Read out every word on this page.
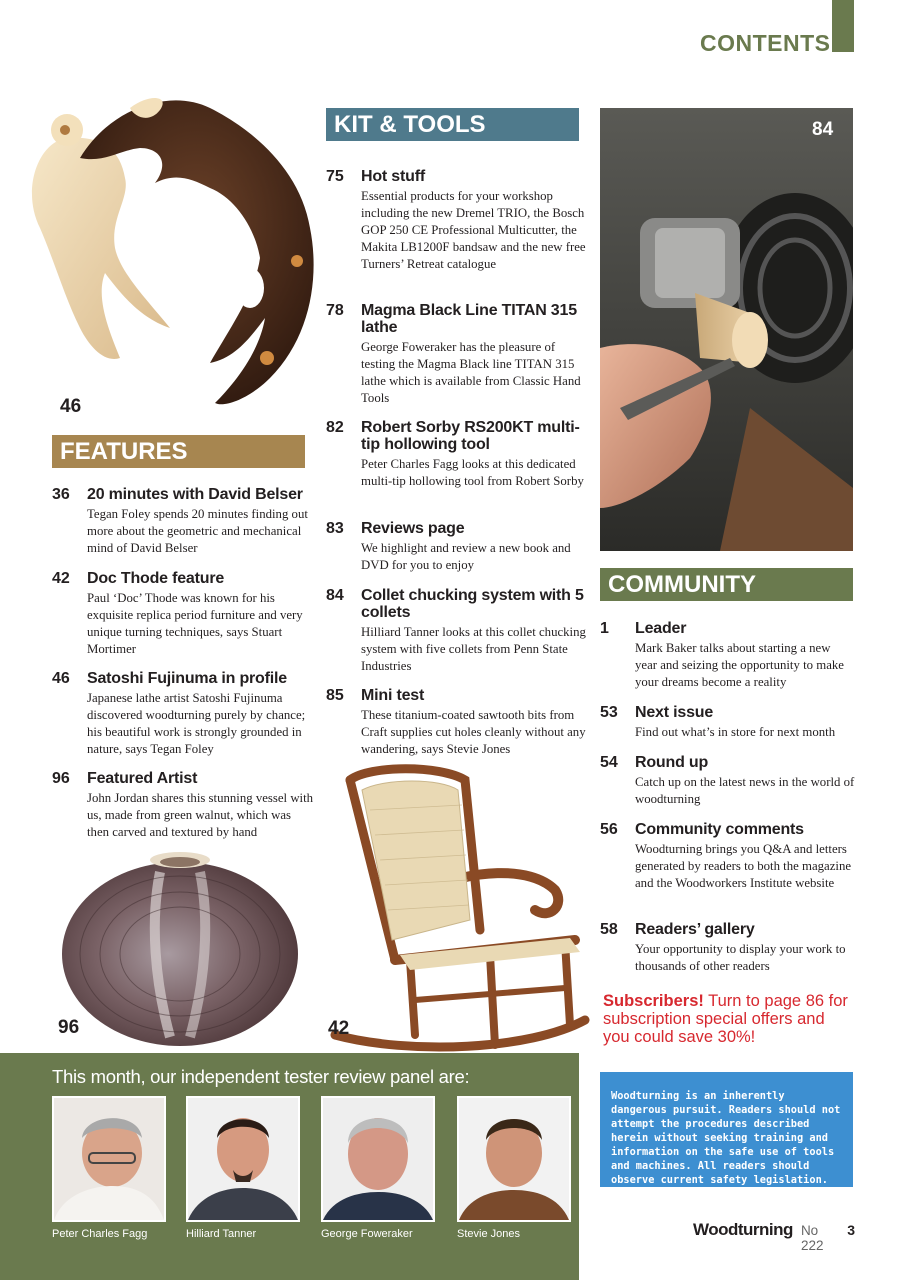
CONTENTS
46
84
96	42
KIT & TOOLS
75 Hot stuff
Essential products for your workshop including the new Dremel TRIO, the Bosch GOP 250 CE Professional Multicutter, the Makita LB1200F bandsaw and the new free Turners’ Retreat catalogue
78 Magma Black Line TITAN 315 lathe
George Foweraker has the pleasure of testing the Magma Black line TITAN 315 lathe which is available from Classic Hand Tools
82 Robert Sorby RS200KT multi-tip hollowing tool
Peter Charles Fagg looks at this dedicated multi-tip hollowing tool from Robert Sorby
83 Reviews page
We highlight and review a new book and DVD for you to enjoy
84 Collet chucking system with 5 collets
Hilliard Tanner looks at this collet chucking system with five collets from Penn State Industries
85 Mini test
These titanium-coated sawtooth bits from Craft supplies cut holes cleanly without any wandering, says Stevie Jones
FEATURES
36 20 minutes with David Belser
Tegan Foley spends 20 minutes finding out more about the geometric and mechanical mind of David Belser
42 Doc Thode feature
Paul ‘Doc’ Thode was known for his exquisite replica period furniture and very unique turning techniques, says Stuart Mortimer
46 Satoshi Fujinuma in profile
Japanese lathe artist Satoshi Fujinuma discovered woodturning purely by chance; his beautiful work is strongly grounded in nature, says Tegan Foley
96 Featured Artist
John Jordan shares this stunning vessel with us, made from green walnut, which was then carved and textured by hand
COMMUNITY
1 Leader
Mark Baker talks about starting a new year and seizing the opportunity to make your dreams become a reality
53 Next issue
Find out what’s in store for next month
54 Round up
Catch up on the latest news in the world of woodturning
56 Community comments
Woodturning brings you Q&A and letters generated by readers to both the magazine and the Woodworkers Institute website
58 Readers’ gallery
Your opportunity to display your work to thousands of other readers
Subscribers! Turn to page 86 for subscription special offers and you could save 30%!
This month, our independent tester review panel are:
Peter Charles Fagg	Hilliard Tanner	George Foweraker	Stevie Jones
Woodturning is an inherently dangerous pursuit. Readers should not attempt the procedures described herein without seeking training and information on the safe use of tools and machines. All readers should observe current safety legislation.
Woodturning No 222
3
